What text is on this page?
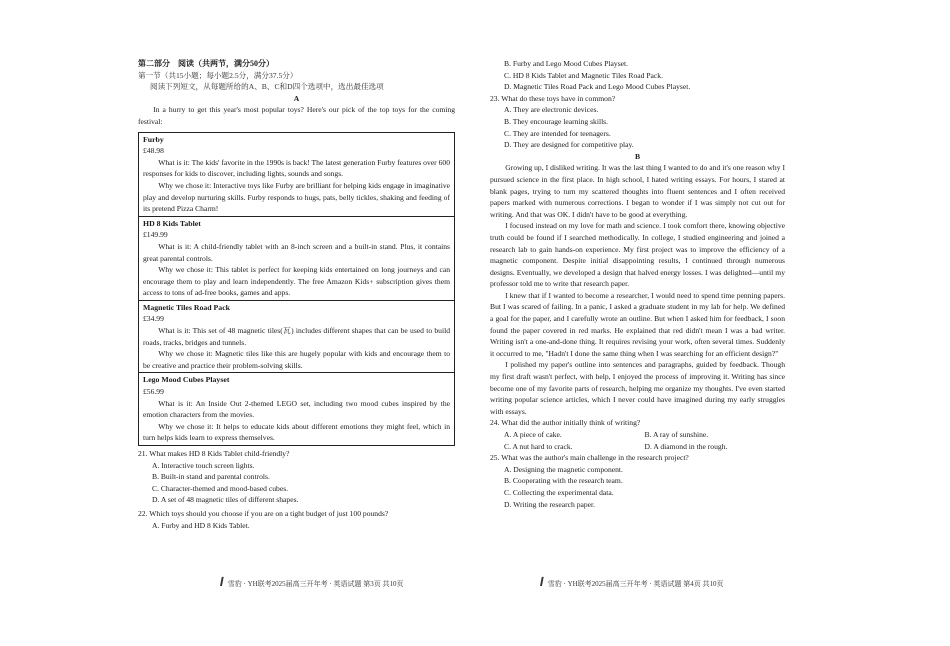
第二部分　阅读（共两节，满分50分）

第一节（共15小题；每小题2.5分，满分37.5分）

阅读下列短文，从每题所给的A、B、C和D四个选项中，选出最佳选项

A

In a hurry to get this year's most popular toys? Here's our pick of the top toys for the coming festival:

Furby

£48.98

What is it: The kids' favorite in the 1990s is back! The latest generation Furby features over 600 responses for kids to discover, including lights, sounds and songs.

Why we chose it: Interactive toys like Furby are brilliant for helping kids engage in imaginative play and develop nurturing skills. Furby responds to hugs, pats, belly tickles, shaking and feeding of its pretend Pizza Charm!

HD 8 Kids Tablet

£149.99

What is it: A child-friendly tablet with an 8-inch screen and a built-in stand. Plus, it contains great parental controls.

Why we chose it: This tablet is perfect for keeping kids entertained on long journeys and can encourage them to play and learn independently. The free Amazon Kids+ subscription gives them access to tons of ad-free books, games and apps.

Magnetic Tiles Road Pack

£34.99

What is it: This set of 48 magnetic tiles(瓦) includes different shapes that can be used to build roads, tracks, bridges and tunnels.

Why we chose it: Magnetic tiles like this are hugely popular with kids and encourage them to be creative and practice their problem-solving skills.

Lego Mood Cubes Playset

£56.99

What is it: An Inside Out 2-themed LEGO set, including two mood cubes inspired by the emotion characters from the movies.

Why we chose it: It helps to educate kids about different emotions they might feel, which in turn helps kids learn to express themselves.

21. What makes HD 8 Kids Tablet child-friendly?

A. Interactive touch screen lights.

B. Built-in stand and parental controls.

C. Character-themed and mood-based cubes.

D. A set of 48 magnetic tiles of different shapes.

22. Which toys should you choose if you are on a tight budget of just 100 pounds?

A. Furby and HD 8 Kids Tablet.

ꟾ 雪豹 · YH联考2025届高三开年考 · 英语试题 第3页 共10页

B. Furby and Lego Mood Cubes Playset.

C. HD 8 Kids Tablet and Magnetic Tiles Road Pack.

D. Magnetic Tiles Road Pack and Lego Mood Cubes Playset.

23. What do these toys have in common?

A. They are electronic devices.

B. They encourage learning skills.

C. They are intended for teenagers.

D. They are designed for competitive play.

B

Growing up, I disliked writing. It was the last thing I wanted to do and it's one reason why I pursued science in the first place. In high school, I hated writing essays. For hours, I stared at blank pages, trying to turn my scattered thoughts into fluent sentences and I often received papers marked with numerous corrections. I began to wonder if I was simply not cut out for writing. And that was OK. I didn't have to be good at everything.

I focused instead on my love for math and science. I took comfort there, knowing objective truth could be found if I searched methodically. In college, I studied engineering and joined a research lab to gain hands-on experience. My first project was to improve the efficiency of a magnetic component. Despite initial disappointing results, I continued through numerous designs. Eventually, we developed a design that halved energy losses. I was delighted—until my professor told me to write that research paper.

I knew that if I wanted to become a researcher, I would need to spend time penning papers. But I was scared of failing. In a panic, I asked a graduate student in my lab for help. We defined a goal for the paper, and I carefully wrote an outline. But when I asked him for feedback, I soon found the paper covered in red marks. He explained that red didn't mean I was a bad writer. Writing isn't a one-and-done thing. It requires revising your work, often several times. Suddenly it occurred to me, "Hadn't I done the same thing when I was searching for an efficient design?"

I polished my paper's outline into sentences and paragraphs, guided by feedback. Though my first draft wasn't perfect, with help, I enjoyed the process of improving it. Writing has since become one of my favorite parts of research, helping me organize my thoughts. I've even started writing popular science articles, which I never could have imagined during my early struggles with essays.

24. What did the author initially think of writing?

A. A piece of cake.	B. A ray of sunshine.
C. A nut hard to crack.	D. A diamond in the rough.

25. What was the author's main challenge in the research project?

A. Designing the magnetic component.

B. Cooperating with the research team.

C. Collecting the experimental data.

D. Writing the research paper.

ꟾ 雪豹 · YH联考2025届高三开年考 · 英语试题 第4页 共10页
